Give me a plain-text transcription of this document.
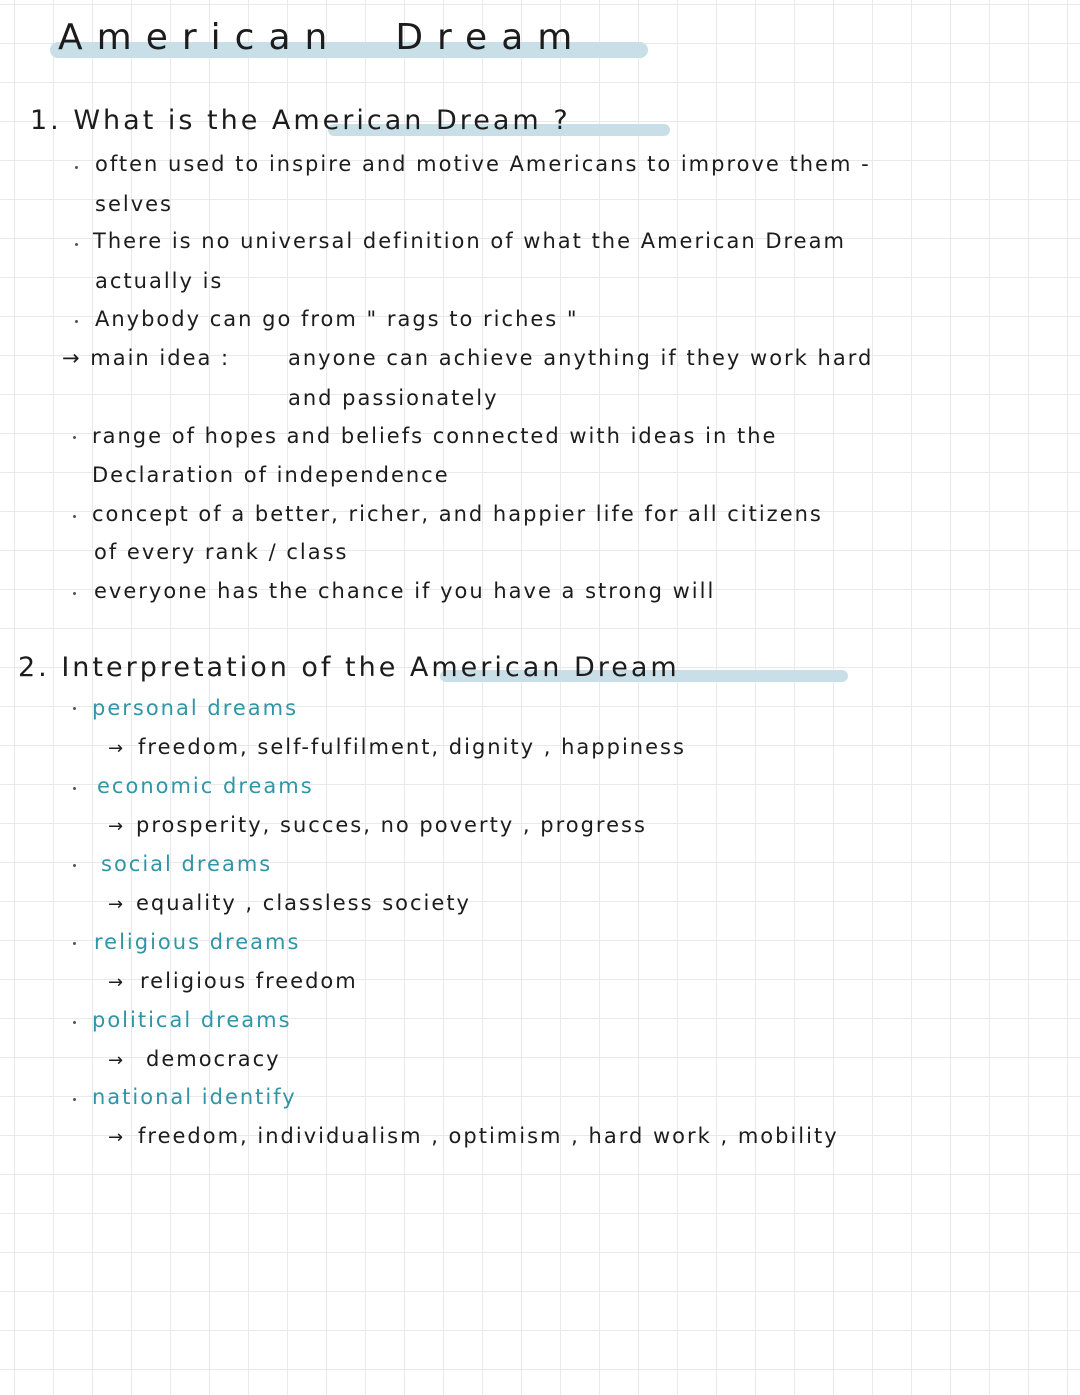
American Dream
1. What is the American Dream ?
often used to inspire and motive Americans to improve them -
selves
There is no universal definition of what the American Dream
actually is
Anybody can go from " rags to riches "
→ main idea :	anyone can achieve anything if they work hard
and passionately
range of hopes and beliefs connected with ideas in the
Declaration of independence
concept of a better, richer, and happier life for all citizens
of every rank / class
everyone has the chance if you have a strong will
2. Interpretation of the American Dream
personal dreams
→ freedom, self-fulfilment, dignity , happiness
economic dreams
→ prosperity, succes, no poverty , progress
social dreams
→ equality , classless society
religious dreams
→ religious freedom
political dreams
→ democracy
national identify
→ freedom, individualism , optimism , hard work , mobility
